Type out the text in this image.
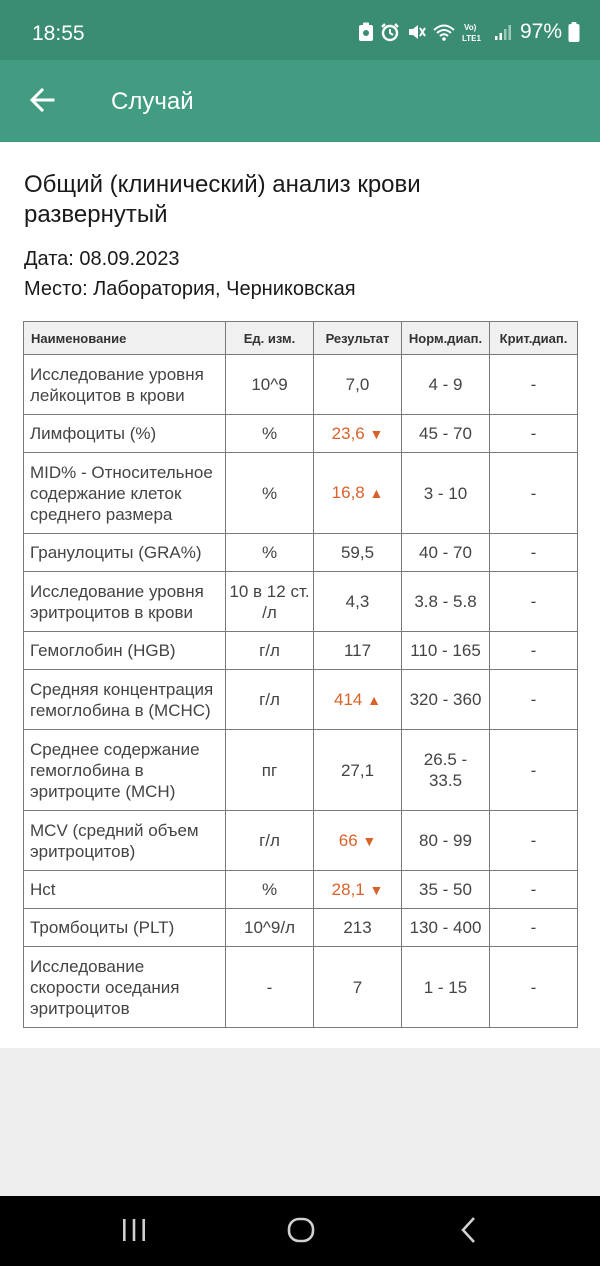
18:55	Vo)
LTE1 97%
Случай
Общий (клинический) анализ крови развернутый
Дата: 08.09.2023
Место: Лаборатория, Черниковская
Наименование	Ед. изм.	Результат	Норм.диап.	Крит.диап.
Исследование уровня лейкоцитов в крови	10^9	7,0	4 - 9	-
Лимфоциты (%)	%	23,6 ▼	45 - 70	-
MID% - Относительное содержание клеток среднего размера	%	16,8 ▲	3 - 10	-
Гранулоциты (GRA%)	%	59,5	40 - 70	-
Исследование уровня эритроцитов в крови	10 в 12 ст. /л	4,3	3.8 - 5.8	-
Гемоглобин (HGB)	г/л	117	110 - 165	-
Средняя концентрация гемоглобина в (MCHC)	г/л	414 ▲	320 - 360	-
Среднее содержание гемоглобина в эритроците (MCH)	пг	27,1	26.5 - 33.5	-
MCV (средний объем эритроцитов)	г/л	66 ▼	80 - 99	-
Hct	%	28,1 ▼	35 - 50	-
Тромбоциты (PLT)	10^9/л	213	130 - 400	-
Исследование скорости оседания эритроцитов	-	7	1 - 15	-
